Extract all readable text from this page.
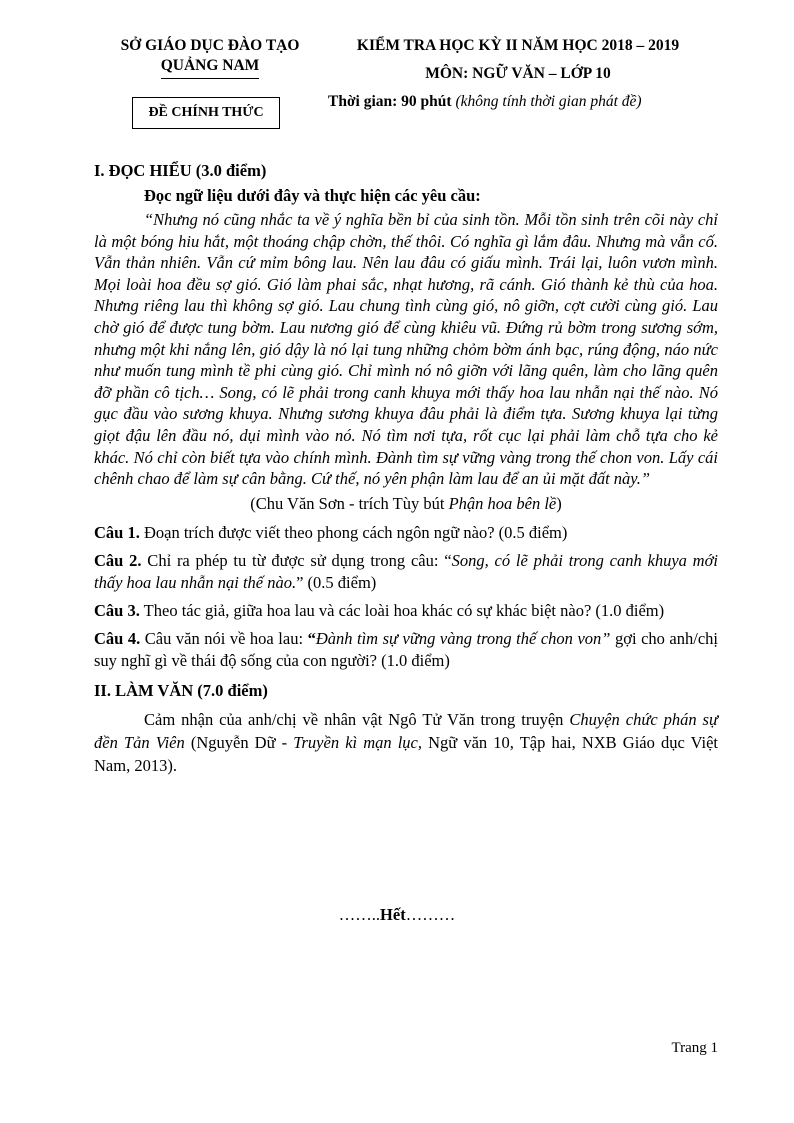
SỞ GIÁO DỤC ĐÀO TẠO
QUẢNG NAM
ĐỀ CHÍNH THỨC
KIỂM TRA HỌC KỲ II NĂM HỌC 2018 – 2019
MÔN: NGỮ VĂN – LỚP 10
Thời gian: 90 phút (không tính thời gian phát đề)

I. ĐỌC HIỂU (3.0 điểm)

Đọc ngữ liệu dưới đây và thực hiện các yêu cầu:

“Nhưng nó cũng nhắc ta về ý nghĩa bền bỉ của sinh tồn. Mỗi tồn sinh trên cõi này chỉ là một bóng hiu hắt, một thoáng chập chờn, thế thôi. Có nghĩa gì lắm đâu. Nhưng mà vẫn cố. Vẫn thản nhiên. Vẫn cứ mỉm bông lau. Nên lau đâu có giấu mình. Trái lại, luôn vươn mình. Mọi loài hoa đều sợ gió. Gió làm phai sắc, nhạt hương, rã cánh. Gió thành kẻ thù của hoa. Nhưng riêng lau thì không sợ gió. Lau chung tình cùng gió, nô giỡn, cợt cười cùng gió. Lau chờ gió để được tung bờm. Lau nương gió để cùng khiêu vũ. Đứng rủ bờm trong sương sớm, nhưng một khi nắng lên, gió dậy là nó lại tung những chỏm bờm ánh bạc, rúng động, náo nức như muốn tung mình tề phi cùng gió. Chỉ mình nó nô giỡn với lãng quên, làm cho lãng quên đỡ phần cô tịch… Song, có lẽ phải trong canh khuya mới thấy hoa lau nhẫn nại thế nào. Nó gục đầu vào sương khuya. Nhưng sương khuya đâu phải là điểm tựa. Sương khuya lại từng giọt đậu lên đầu nó, dụi mình vào nó. Nó tìm nơi tựa, rốt cục lại phải làm chỗ tựa cho kẻ khác. Nó chỉ còn biết tựa vào chính mình. Đành tìm sự vững vàng trong thế chon von. Lấy cái chênh chao để làm sự cân bằng. Cứ thế, nó yên phận làm lau để an ủi mặt đất này.”

(Chu Văn Sơn - trích Tùy bút Phận hoa bên lề)

Câu 1. Đoạn trích được viết theo phong cách ngôn ngữ nào? (0.5 điểm)

Câu 2. Chỉ ra phép tu từ được sử dụng trong câu: “Song, có lẽ phải trong canh khuya mới thấy hoa lau nhẫn nại thế nào.” (0.5 điểm)

Câu 3. Theo tác giả, giữa hoa lau và các loài hoa khác có sự khác biệt nào? (1.0 điểm)

Câu 4. Câu văn nói về hoa lau: “Đành tìm sự vững vàng trong thế chon von” gợi cho anh/chị suy nghĩ gì về thái độ sống của con người? (1.0 điểm)

II. LÀM VĂN (7.0 điểm)

Cảm nhận của anh/chị về nhân vật Ngô Tử Văn trong truyện Chuyện chức phán sự đền Tản Viên (Nguyễn Dữ - Truyền kì mạn lục, Ngữ văn 10, Tập hai, NXB Giáo dục Việt Nam, 2013).

……..Hết………
Trang 1
